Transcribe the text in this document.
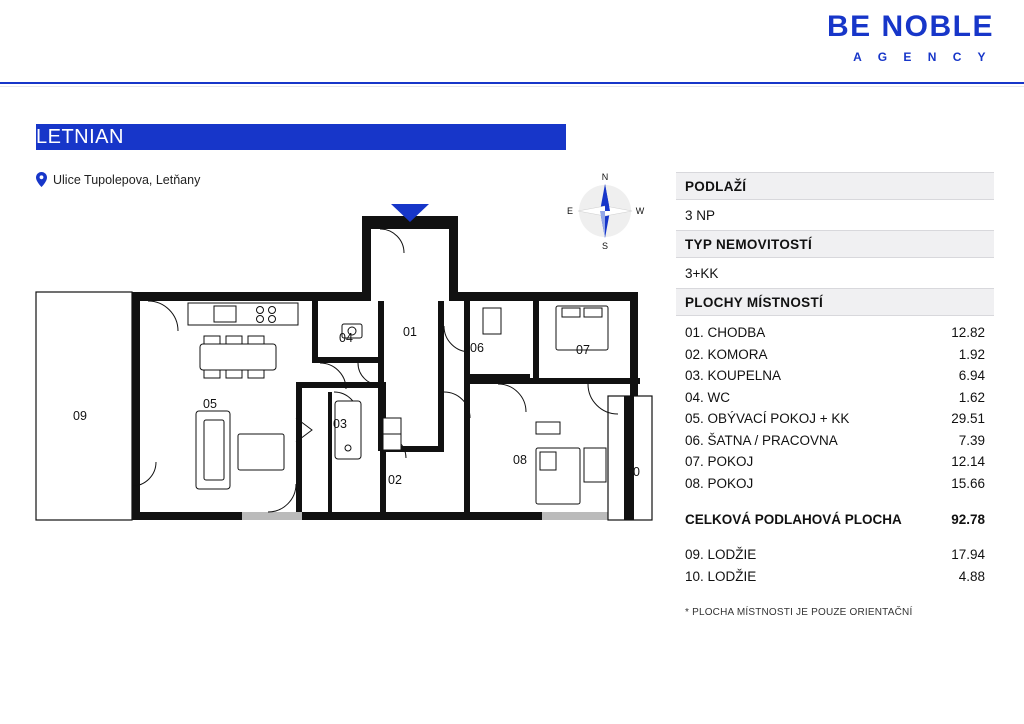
BE NOBLE
A G E N C Y
LETNIAN
Ulice Tupolepova, Letňany	N
W
S
E
01
02
03
04
05
06	07
08
09
10
PODLAŽÍ
3 NP
TYP NEMOVITOSTÍ
3+KK
PLOCHY MÍSTNOSTÍ
01. CHODBA	12.82
02. KOMORA	1.92
03. KOUPELNA	6.94
04. WC	1.62
05. OBÝVACÍ POKOJ + KK	29.51
06. ŠATNA / PRACOVNA	7.39
07. POKOJ	12.14
08. POKOJ	15.66
CELKOVÁ PODLAHOVÁ PLOCHA	92.78
09. LODŽIE	17.94
10. LODŽIE	4.88
* PLOCHA MÍSTNOSTI JE POUZE ORIENTAČNÍ
